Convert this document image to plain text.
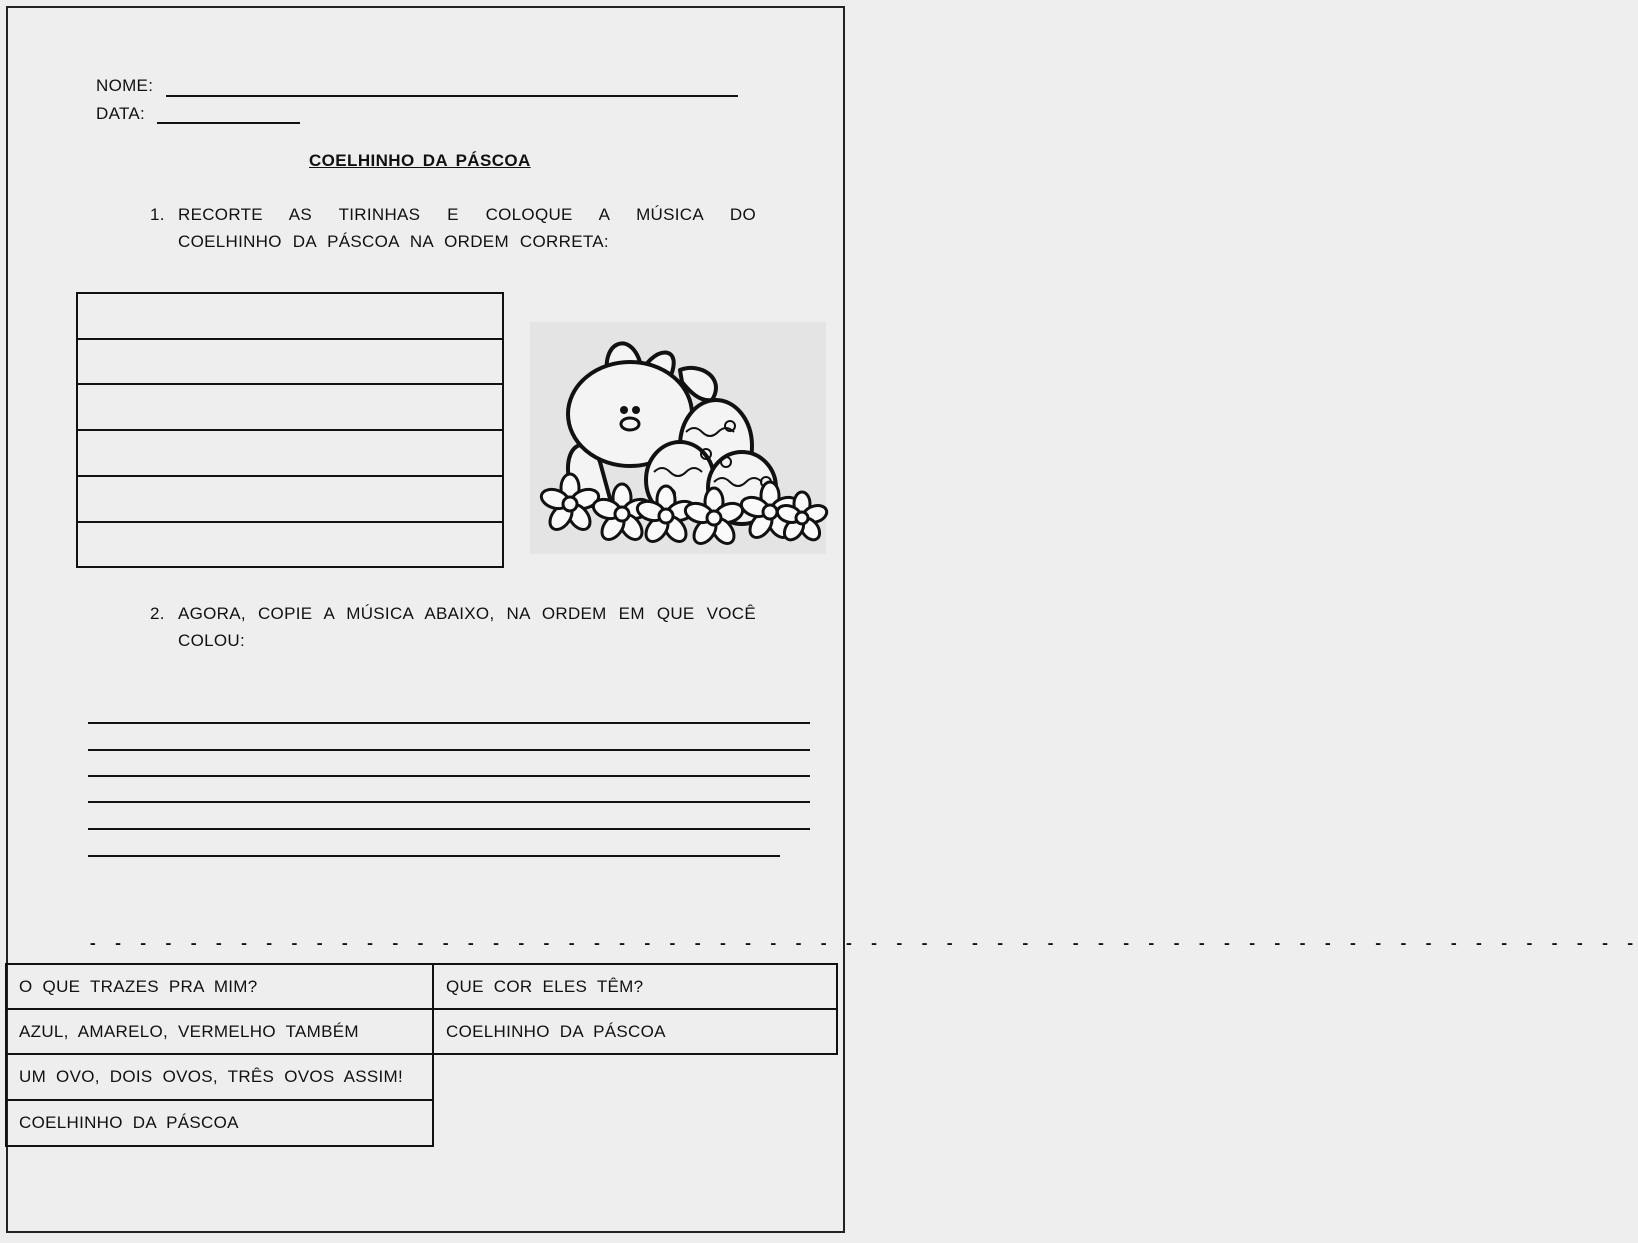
NOME:
DATA:
COELHINHO DA PÁSCOA
1. RECORTE AS TIRINHAS E COLOQUE A MÚSICA DO COELHINHO DA PÁSCOA NA ORDEM CORRETA:
2. AGORA, COPIE A MÚSICA ABAIXO, NA ORDEM EM QUE VOCÊ COLOU:
- - - - - - - - - - - - - - - - - - - - - - - - - - - - - - - - - - - - - - - - - - - - - - - - - - - - - - - - - - - - - -
O QUE TRAZES PRA MIM?
AZUL, AMARELO, VERMELHO TAMBÉM
UM OVO, DOIS OVOS, TRÊS OVOS ASSIM!
COELHINHO DA PÁSCOA
QUE COR ELES TÊM?
COELHINHO DA PÁSCOA
